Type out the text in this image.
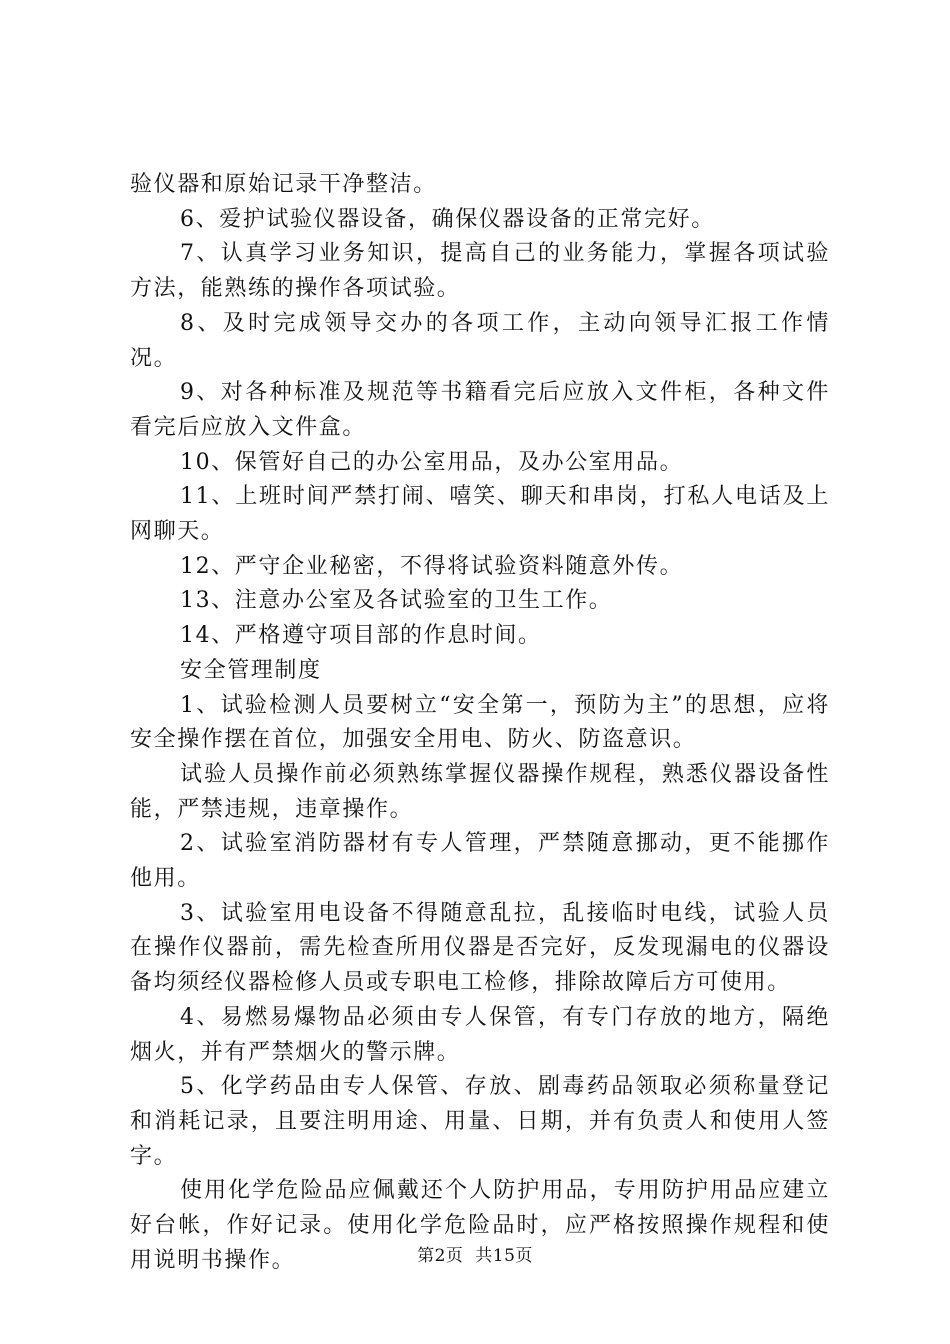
验仪器和原始记录干净整洁。

6、爱护试验仪器设备，确保仪器设备的正常完好。

7、认真学习业务知识，提高自己的业务能力，掌握各项试验方法，能熟练的操作各项试验。

8、及时完成领导交办的各项工作，主动向领导汇报工作情况。

9、对各种标准及规范等书籍看完后应放入文件柜，各种文件看完后应放入文件盒。

10、保管好自己的办公室用品，及办公室用品。

11、上班时间严禁打闹、嘻笑、聊天和串岗，打私人电话及上网聊天。

12、严守企业秘密，不得将试验资料随意外传。

13、注意办公室及各试验室的卫生工作。

14、严格遵守项目部的作息时间。

安全管理制度

1、试验检测人员要树立“安全第一，预防为主”的思想，应将安全操作摆在首位，加强安全用电、防火、防盗意识。

试验人员操作前必须熟练掌握仪器操作规程，熟悉仪器设备性能，严禁违规，违章操作。

2、试验室消防器材有专人管理，严禁随意挪动，更不能挪作他用。

3、试验室用电设备不得随意乱拉，乱接临时电线，试验人员在操作仪器前，需先检查所用仪器是否完好，反发现漏电的仪器设备均须经仪器检修人员或专职电工检修，排除故障后方可使用。

4、易燃易爆物品必须由专人保管，有专门存放的地方，隔绝烟火，并有严禁烟火的警示牌。

5、化学药品由专人保管、存放、剧毒药品领取必须称量登记和消耗记录，且要注明用途、用量、日期，并有负责人和使用人签字。

使用化学危险品应佩戴还个人防护用品，专用防护用品应建立好台帐，作好记录。使用化学危险品时，应严格按照操作规程和使用说明书操作。	第2页 共15页
